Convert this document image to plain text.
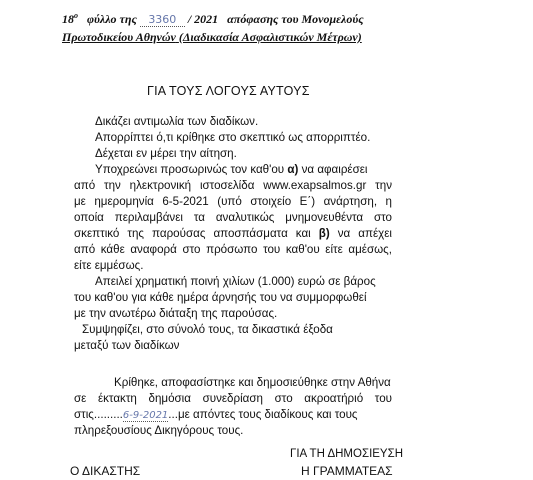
$18^o$ φύλλο της 3360 / 2021 απόφασης του Μονομελούς
Πρωτοδικείου Αθηνών (Διαδικασία Ασφαλιστικών Μέτρων)
ΓΙΑ ΤΟΥΣ ΛΟΓΟΥΣ ΑΥΤΟΥΣ
Δικάζει αντιμωλία των διαδίκων.
Απορρίπτει ό,τι κρίθηκε στο σκεπτικό ως απορριπτέο.
Δέχεται εν μέρει την αίτηση.
Υποχρεώνει προσωρινώς τον καθ'ου α) να αφαιρέσει
από την ηλεκτρονική ιστοσελίδα www.exapsalmos.gr την
με ημερομηνία 6-5-2021 (υπό στοιχείο Ε΄) ανάρτηση, η
οποία περιλαμβάνει τα αναλυτικώς μνημονευθέντα στο
σκεπτικό της παρούσας αποσπάσματα και β) να απέχει
από κάθε αναφορά στο πρόσωπο του καθ'ου είτε αμέσως,
είτε εμμέσως.
Απειλεί χρηματική ποινή χιλίων (1.000) ευρώ σε βάρος
του καθ'ου για κάθε ημέρα άρνησής του να συμμορφωθεί
με την ανωτέρω διάταξη της παρούσας.
Συμψηφίζει, στο σύνολό τους, τα δικαστικά έξοδα
μεταξύ των διαδίκων
Κρίθηκε, αποφασίστηκε και δημοσιεύθηκε στην Αθήνα
σε έκτακτη δημόσια συνεδρίαση στο ακροατήριό του
στις.........6-9-2021...με απόντες τους διαδίκους και τους
πληρεξουσίους Δικηγόρους τους.
ΓΙΑ ΤΗ ΔΗΜΟΣΙΕΥΣΗ
Ο ΔΙΚΑΣΤΗΣ	Η ΓΡΑΜΜΑΤΕΑΣ
